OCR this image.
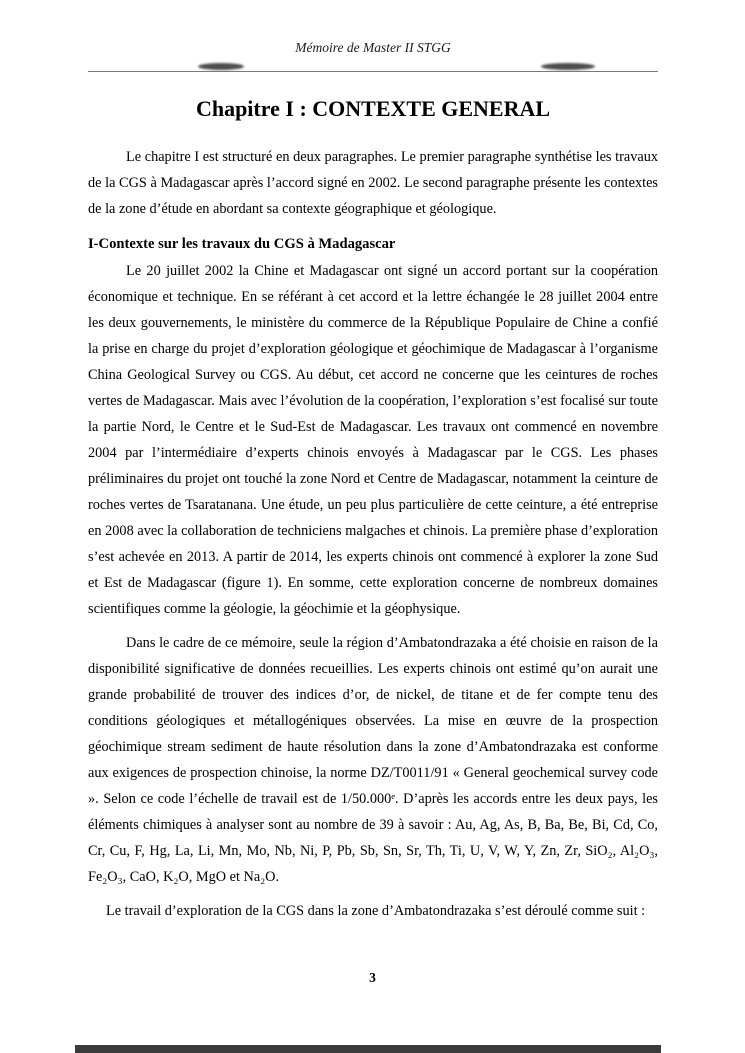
Mémoire de Master II STGG
Chapitre I : CONTEXTE GENERAL

Le chapitre I est structuré en deux paragraphes. Le premier paragraphe synthétise les travaux de la CGS à Madagascar après l’accord signé en 2002. Le second paragraphe présente les contextes de la zone d’étude en abordant sa contexte géographique et géologique.

I-Contexte sur les travaux du CGS à Madagascar

Le 20 juillet 2002 la Chine et Madagascar ont signé un accord portant sur la coopération économique et technique. En se référant à cet accord et la lettre échangée le 28 juillet 2004 entre les deux gouvernements, le ministère du commerce de la République Populaire de Chine a confié la prise en charge du projet d’exploration géologique et géochimique de Madagascar à l’organisme China Geological Survey ou CGS. Au début, cet accord ne concerne que les ceintures de roches vertes de Madagascar. Mais avec l’évolution de la coopération, l’exploration s’est focalisé sur toute la partie Nord, le Centre et le Sud-Est de Madagascar. Les travaux ont commencé en novembre 2004 par l’intermédiaire d’experts chinois envoyés à Madagascar par le CGS. Les phases préliminaires du projet ont touché la zone Nord et Centre de Madagascar, notamment la ceinture de roches vertes de Tsaratanana. Une étude, un peu plus particulière de cette ceinture, a été entreprise en 2008 avec la collaboration de techniciens malgaches et chinois. La première phase d’exploration s’est achevée en 2013. A partir de 2014, les experts chinois ont commencé à explorer la zone Sud et Est de Madagascar (figure 1). En somme, cette exploration concerne de nombreux domaines scientifiques comme la géologie, la géochimie et la géophysique.

Dans le cadre de ce mémoire, seule la région d’Ambatondrazaka a été choisie en raison de la disponibilité significative de données recueillies. Les experts chinois ont estimé qu’on aurait une grande probabilité de trouver des indices d’or, de nickel, de titane et de fer compte tenu des conditions géologiques et métallogéniques observées. La mise en œuvre de la prospection géochimique stream sediment de haute résolution dans la zone d’Ambatondrazaka est conforme aux exigences de prospection chinoise, la norme DZ/T0011/91 « General geochemical survey code ». Selon ce code l’échelle de travail est de 1/50.000ᵉ. D’après les accords entre les deux pays, les éléments chimiques à analyser sont au nombre de 39 à savoir : Au, Ag, As, B, Ba, Be, Bi, Cd, Co, Cr, Cu, F, Hg, La, Li, Mn, Mo, Nb, Ni, P, Pb, Sb, Sn, Sr, Th, Ti, U, V, W, Y, Zn, Zr, SiO₂, Al₂O₃, Fe₂O₃, CaO, K₂O, MgO et Na₂O.

Le travail d’exploration de la CGS dans la zone d’Ambatondrazaka s’est déroulé comme suit :

3
